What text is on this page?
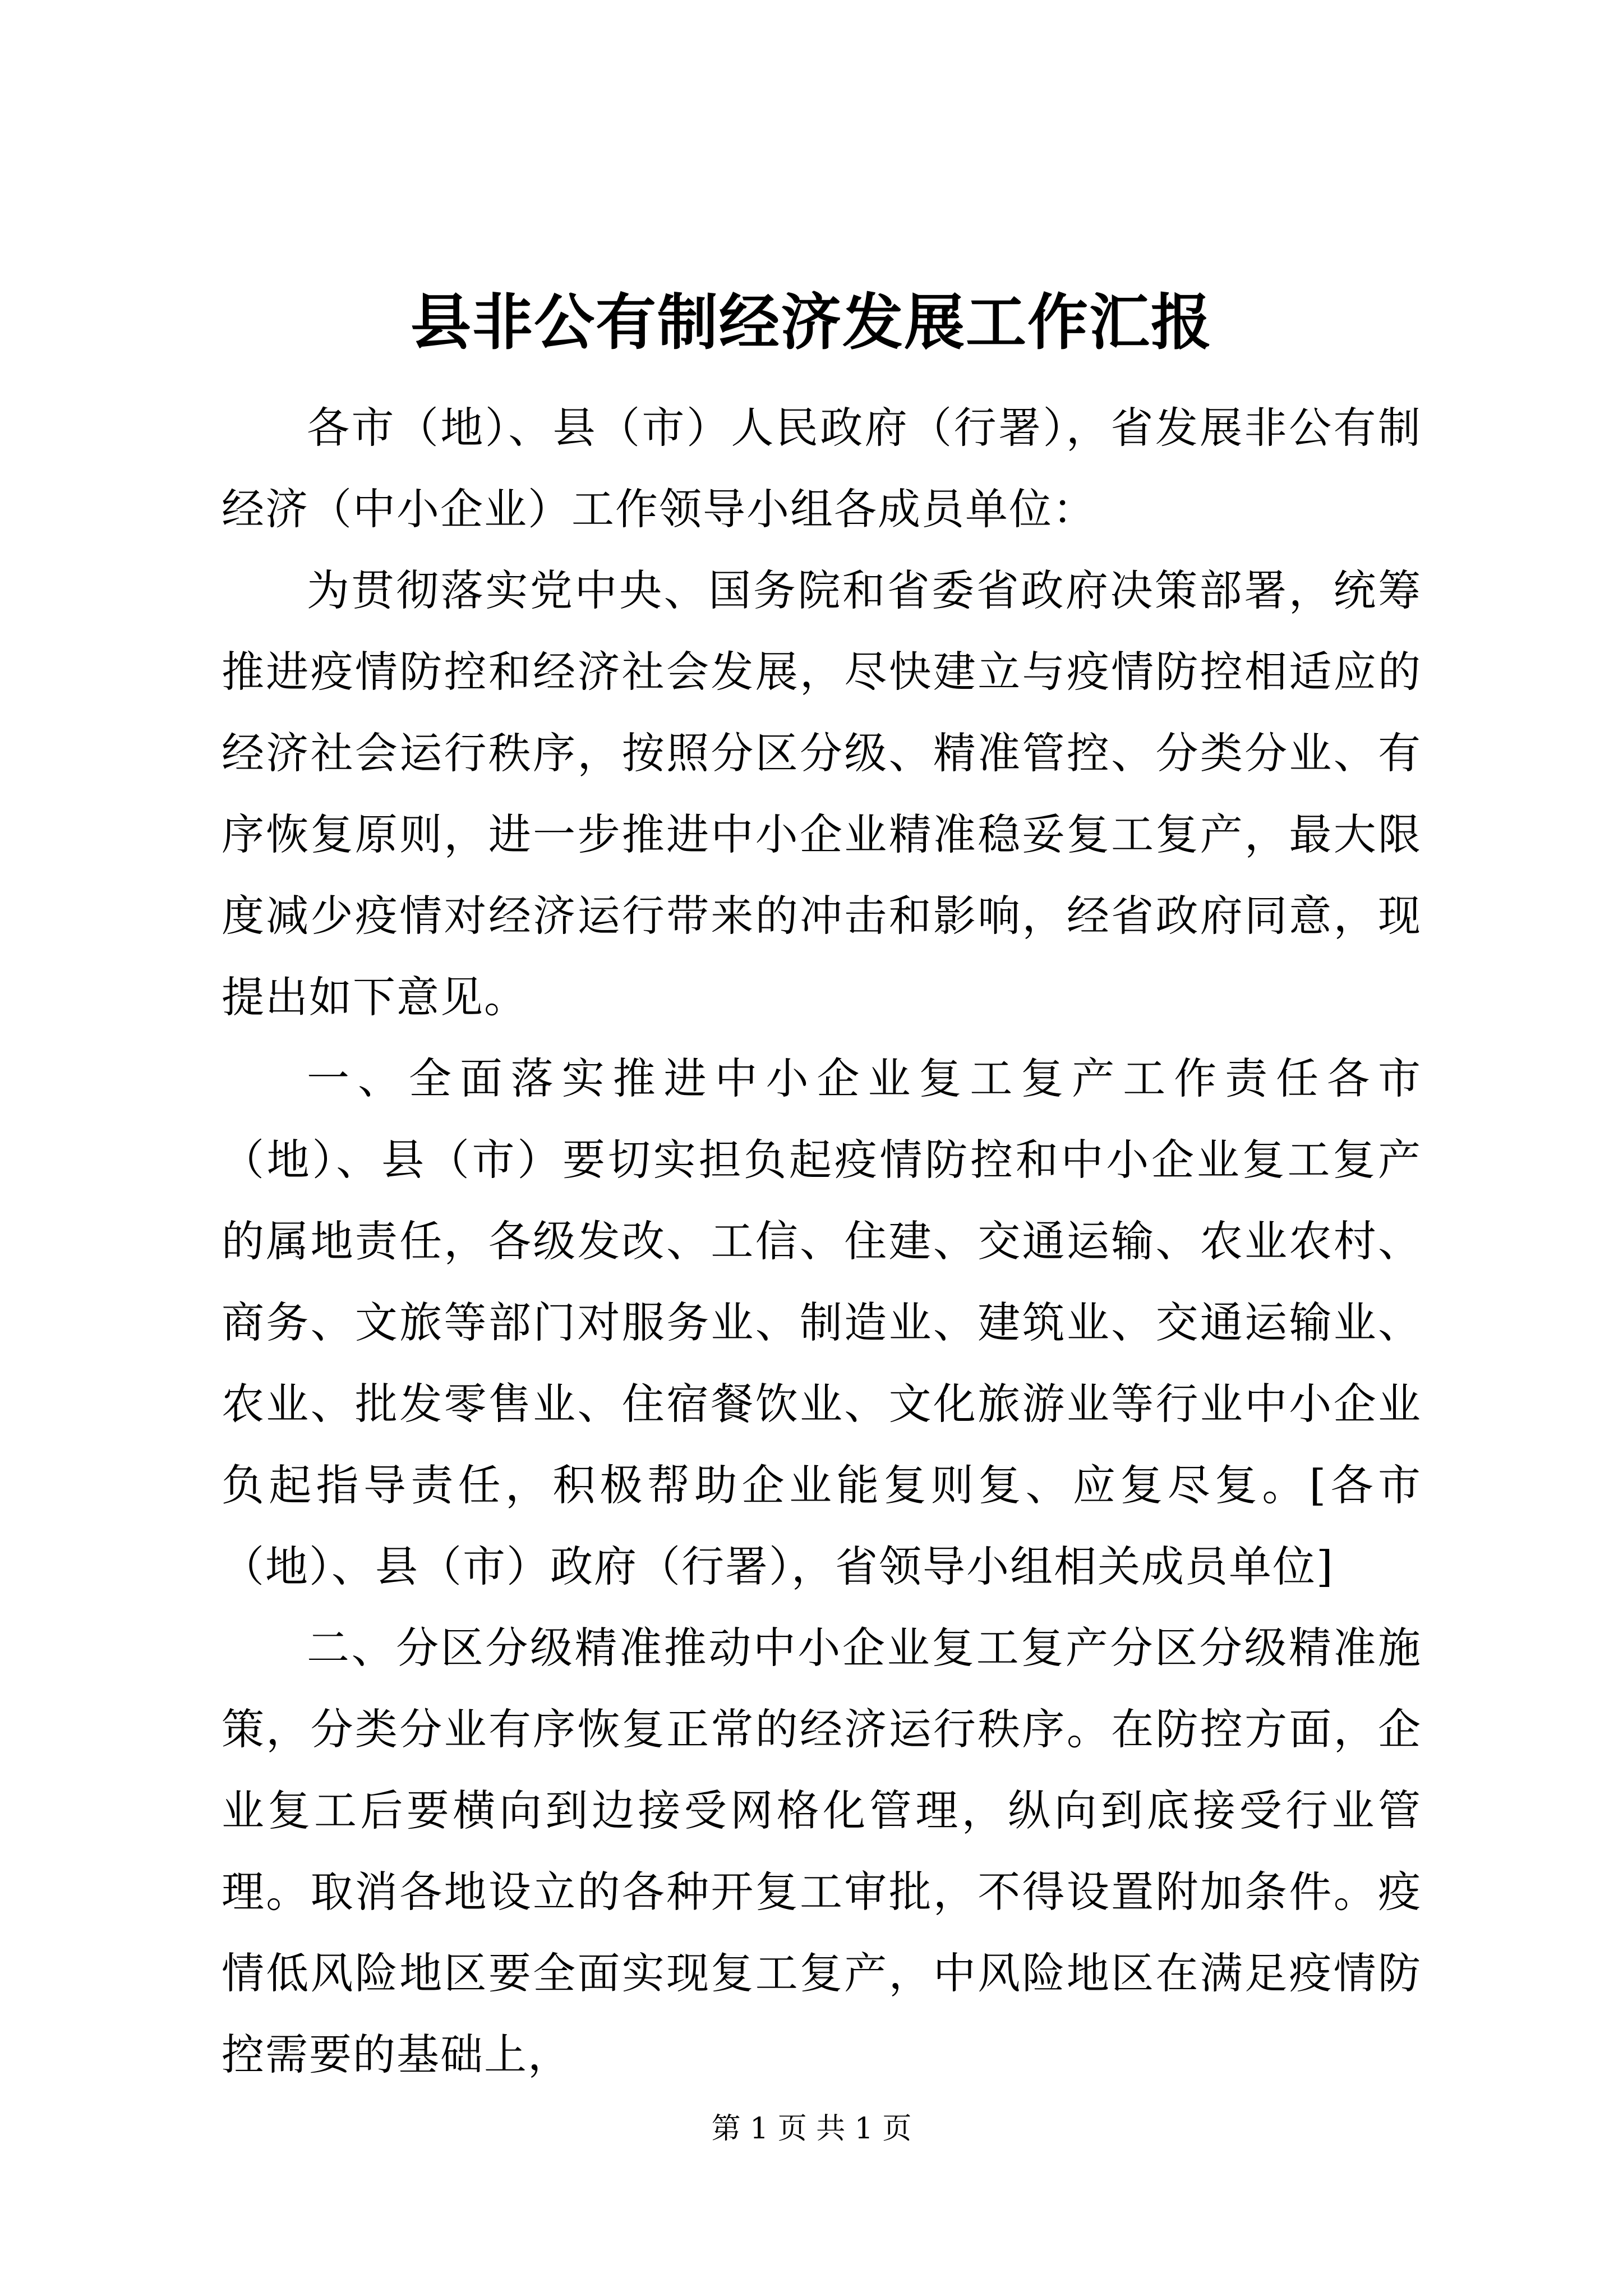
县非公有制经济发展工作汇报

各市（地）、县（市）人民政府（行署），省发展非公有制经济（中小企业）工作领导小组各成员单位：

为贯彻落实党中央、国务院和省委省政府决策部署，统筹推进疫情防控和经济社会发展，尽快建立与疫情防控相适应的经济社会运行秩序，按照分区分级、精准管控、分类分业、有序恢复原则，进一步推进中小企业精准稳妥复工复产，最大限度减少疫情对经济运行带来的冲击和影响，经省政府同意，现提出如下意见。

一、全面落实推进中小企业复工复产工作责任各市（地）、县（市）要切实担负起疫情防控和中小企业复工复产的属地责任，各级发改、工信、住建、交通运输、农业农村、商务、文旅等部门对服务业、制造业、建筑业、交通运输业、农业、批发零售业、住宿餐饮业、文化旅游业等行业中小企业负起指导责任，积极帮助企业能复则复、应复尽复。[各市（地）、县（市）政府（行署），省领导小组相关成员单位]

二、分区分级精准推动中小企业复工复产分区分级精准施策，分类分业有序恢复正常的经济运行秩序。在防控方面，企业复工后要横向到边接受网格化管理，纵向到底接受行业管理。取消各地设立的各种开复工审批，不得设置附加条件。疫情低风险地区要全面实现复工复产，中风险地区在满足疫情防控需要的基础上，

第 1 页 共 1 页
